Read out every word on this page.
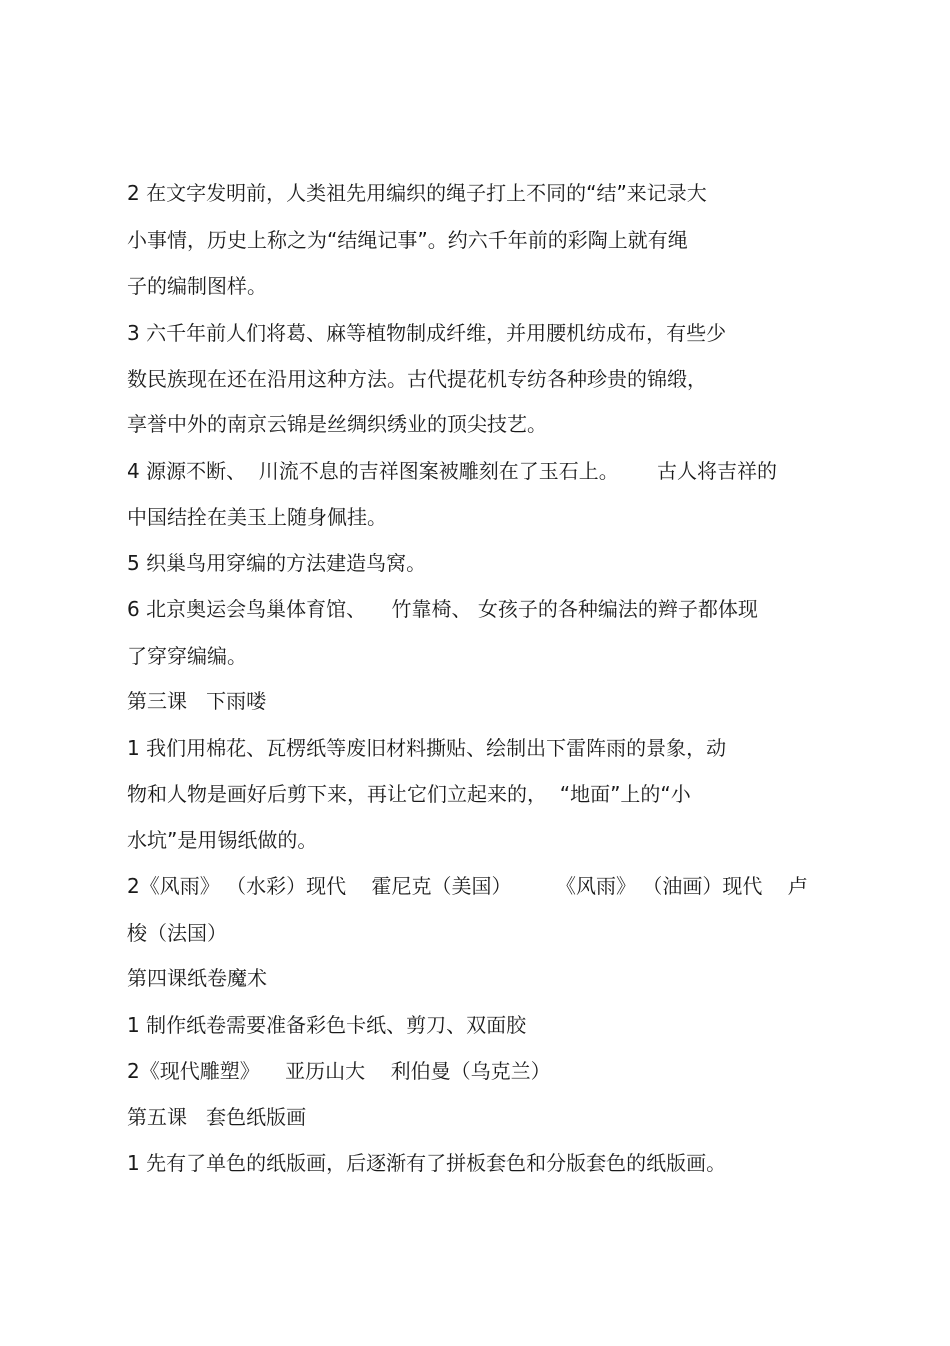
2 在文字发明前，人类祖先用编织的绳子打上不同的“结”来记录大

小事情，历史上称之为“结绳记事”。约六千年前的彩陶上就有绳

子的编制图样。

3 六千年前人们将葛、麻等植物制成纤维，并用腰机纺成布，有些少

数民族现在还在沿用这种方法。古代提花机专纺各种珍贵的锦缎，

享誉中外的南京云锦是丝绸织绣业的顶尖技艺。

4 源源不断、  川流不息的吉祥图案被雕刻在了玉石上。      古人将吉祥的

中国结拴在美玉上随身佩挂。

5 织巢鸟用穿编的方法建造鸟窝。

6 北京奥运会鸟巢体育馆、    竹靠椅、 女孩子的各种编法的辫子都体现

了穿穿编编。

第三课   下雨喽

1 我们用棉花、瓦楞纸等废旧材料撕贴、绘制出下雷阵雨的景象，动

物和人物是画好后剪下来，再让它们立起来的，  “地面”上的“小

水坑”是用锡纸做的。

2《风雨》 （水彩）现代    霍尼克（美国）       《风雨》 （油画）现代    卢

梭（法国）

第四课纸卷魔术

1 制作纸卷需要准备彩色卡纸、剪刀、双面胶

2《现代雕塑》    亚历山大    利伯曼（乌克兰）

第五课   套色纸版画

1 先有了单色的纸版画，后逐渐有了拼板套色和分版套色的纸版画。
